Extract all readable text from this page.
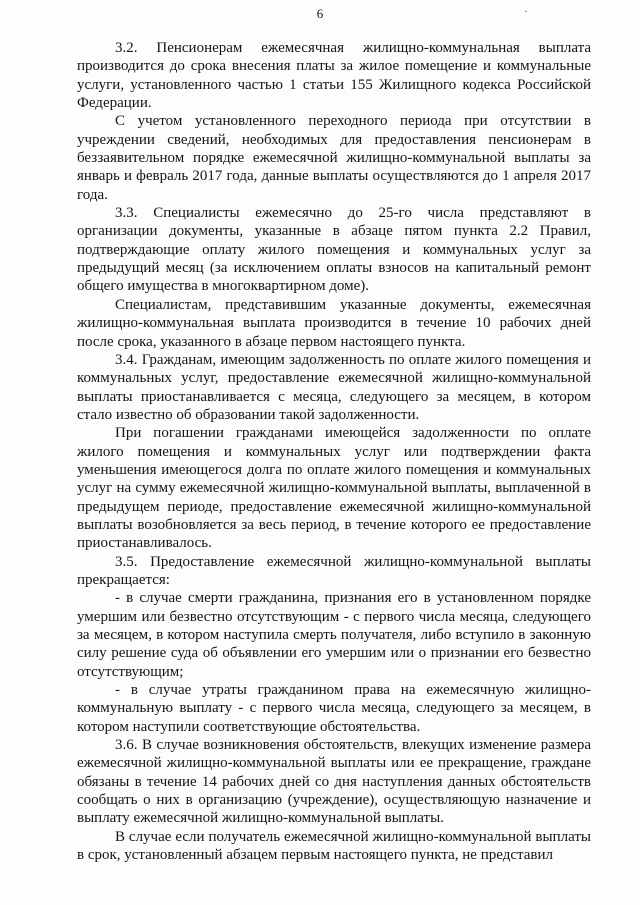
6	·

3.2. Пенсионерам ежемесячная жилищно-коммунальная выплата производится до срока внесения платы за жилое помещение и коммунальные услуги, установленного частью 1 статьи 155 Жилищного кодекса Российской Федерации.

С учетом установленного переходного периода при отсутствии в учреждении сведений, необходимых для предоставления пенсионерам в беззаявительном порядке ежемесячной жилищно-коммунальной выплаты за январь и февраль 2017 года, данные выплаты осуществляются до 1 апреля 2017 года.

3.3. Специалисты ежемесячно до 25-го числа представляют в организации документы, указанные в абзаце пятом пункта 2.2 Правил, подтверждающие оплату жилого помещения и коммунальных услуг за предыдущий месяц (за исключением оплаты взносов на капитальный ремонт общего имущества в многоквартирном доме).

Специалистам, представившим указанные документы, ежемесячная жилищно-коммунальная выплата производится в течение 10 рабочих дней после срока, указанного в абзаце первом настоящего пункта.

3.4. Гражданам, имеющим задолженность по оплате жилого помещения и коммунальных услуг, предоставление ежемесячной жилищно-коммунальной выплаты приостанавливается с месяца, следующего за месяцем, в котором стало известно об образовании такой задолженности.

При погашении гражданами имеющейся задолженности по оплате жилого помещения и коммунальных услуг или подтверждении факта уменьшения имеющегося долга по оплате жилого помещения и коммунальных услуг на сумму ежемесячной жилищно-коммунальной выплаты, выплаченной в предыдущем периоде, предоставление ежемесячной жилищно-коммунальной выплаты возобновляется за весь период, в течение которого ее предоставление приостанавливалось.

3.5. Предоставление ежемесячной жилищно-коммунальной выплаты прекращается:

- в случае смерти гражданина, признания его в установленном порядке умершим или безвестно отсутствующим - с первого числа месяца, следующего за месяцем, в котором наступила смерть получателя, либо вступило в законную силу решение суда об объявлении его умершим или о признании его безвестно отсутствующим;

- в случае утраты гражданином права на ежемесячную жилищно-коммунальную выплату - с первого числа месяца, следующего за месяцем, в котором наступили соответствующие обстоятельства.

3.6. В случае возникновения обстоятельств, влекущих изменение размера ежемесячной жилищно-коммунальной выплаты или ее прекращение, граждане обязаны в течение 14 рабочих дней со дня наступления данных обстоятельств сообщать о них в организацию (учреждение), осуществляющую назначение и выплату ежемесячной жилищно-коммунальной выплаты.

В случае если получатель ежемесячной жилищно-коммунальной выплаты в срок, установленный абзацем первым настоящего пункта, не представил
